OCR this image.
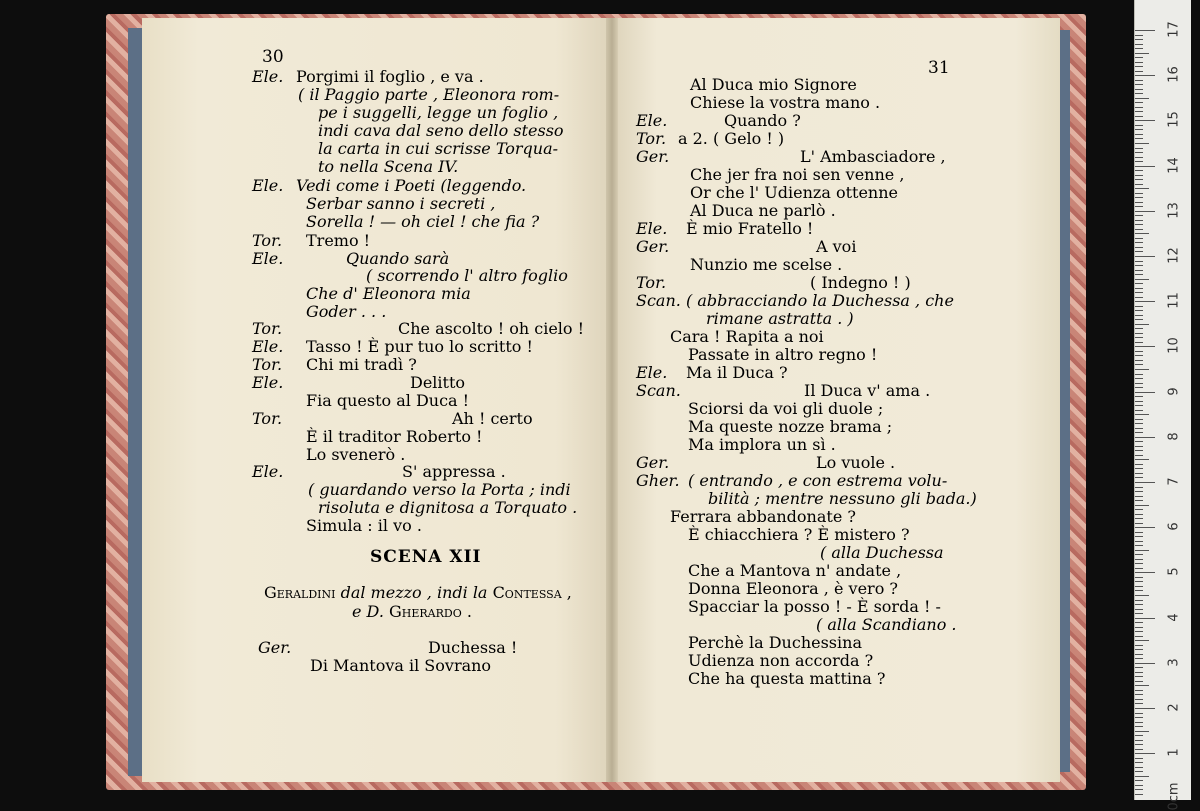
Ele. Porgimi il foglio , e va .
( il Paggio parte , Eleonora rom-
pe i suggelli, legge un foglio ,
indi cava dal seno dello stesso
la carta in cui scrisse Torqua-
to nella Scena IV.
Ele. Vedi come i Poeti (leggendo.
Serbar sanno i secreti ,
Sorella ! — oh ciel ! che fia ?
Tor. Tremo !
Ele.	Quando sarà
( scorrendo l' altro foglio
Che d' Eleonora mia
Goder . . .
Tor.	Che ascolto ! oh cielo !
Ele. Tasso ! È pur tuo lo scritto !
Tor. Chi mi tradì ?
Ele.	Delitto
Fia questo al Duca !
Tor.	Ah ! certo
È il traditor Roberto !
Lo svenerò .
Ele.	S' appressa .
( guardando verso la Porta ; indi
risoluta e dignitosa a Torquato .
Simula : il vo .
Ger.	Duchessa !
Di Mantova il Sovrano
Al Duca mio Signore
Chiese la vostra mano .
Ele.	Quando ?
Tor. a 2. ( Gelo ! )
Ger.	L' Ambasciadore ,
Che jer fra noi sen venne ,
Or che l' Udienza ottenne
Al Duca ne parlò .
Ele. È mio Fratello !
Ger.	A voi
Nunzio me scelse .
Tor.	( Indegno ! )
Scan. ( abbracciando la Duchessa , che
rimane astratta . )
Cara ! Rapita a noi
Passate in altro regno !
Ele. Ma il Duca ?
Scan.	Il Duca v' ama .
Sciorsi da voi gli duole ;
Ma queste nozze brama ;
Ma implora un sì .
Ger.	Lo vuole .
Gher. ( entrando , e con estrema volu-
bilità ; mentre nessuno gli bada.)
Ferrara abbandonate ?
È chiacchiera ? È mistero ?
( alla Duchessa
Che a Mantova n' andate ,
Donna Eleonora , è vero ?
Spacciar la posso ! - È sorda ! -
( alla Scandiano .
Perchè la Duchessina
Udienza non accorda ?
Che ha questa mattina ?
30
31
SCENA XII
Geraldini dal mezzo , indi la Contessa ,
e D. Gherardo .
17
16
15
14
13
12
11
10
9
8
7
6
5
4
3
2
1
0cm
